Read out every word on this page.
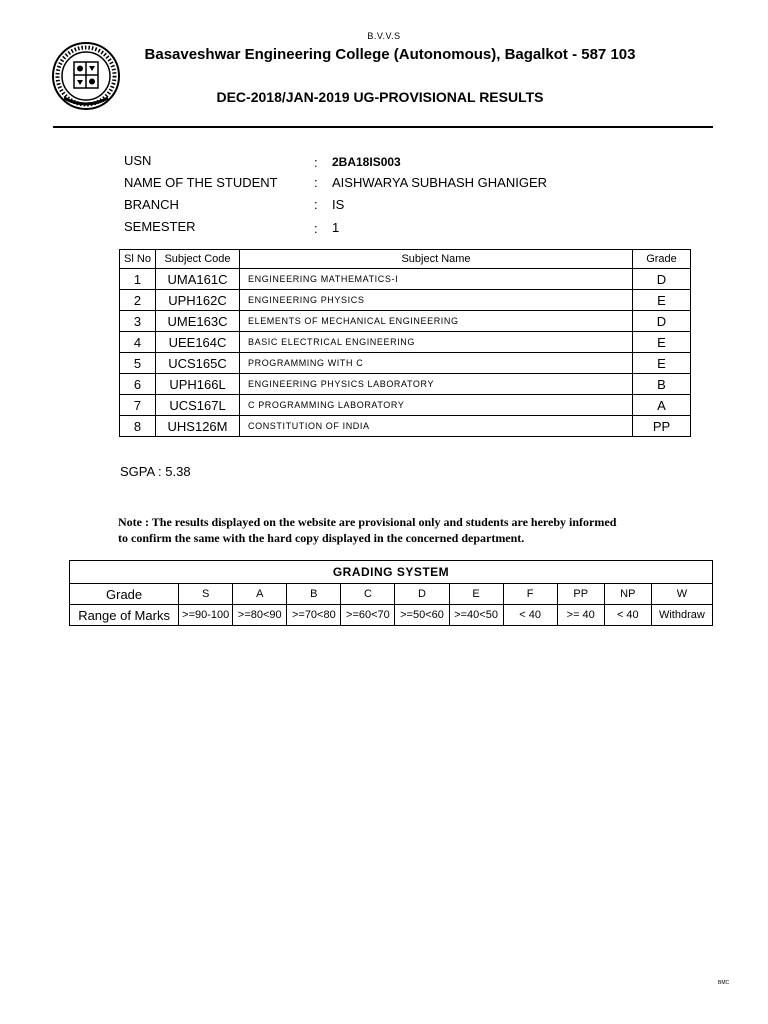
B.V.V.S
Basaveshwar Engineering College (Autonomous), Bagalkot - 587 103
DEC-2018/JAN-2019 UG-PROVISIONAL RESULTS
USN	: 2BA18IS003
NAME OF THE STUDENT	: AISHWARYA SUBHASH GHANIGER
BRANCH	: IS
SEMESTER	: 1
Sl No	Subject Code	Subject Name	Grade
1	UMA161C	ENGINEERING MATHEMATICS-I	D
2	UPH162C	ENGINEERING PHYSICS	E
3	UME163C	ELEMENTS OF MECHANICAL ENGINEERING	D
4	UEE164C	BASIC ELECTRICAL ENGINEERING	E
5	UCS165C	PROGRAMMING WITH C	E
6	UPH166L	ENGINEERING PHYSICS LABORATORY	B
7	UCS167L	C PROGRAMMING LABORATORY	A
8	UHS126M	CONSTITUTION OF INDIA	PP
SGPA : 5.38
Note : The results displayed on the website are provisional only and students are hereby informed
to confirm the same with the hard copy displayed in the concerned department.
GRADING SYSTEM										
Grade	S	A	B	C	D	E	F	PP	NP	W
Range of Marks	>=90-100	>=80<90	>=70<80	>=60<70	>=50<60	>=40<50	< 40	>= 40	< 40	Withdraw
BMC
